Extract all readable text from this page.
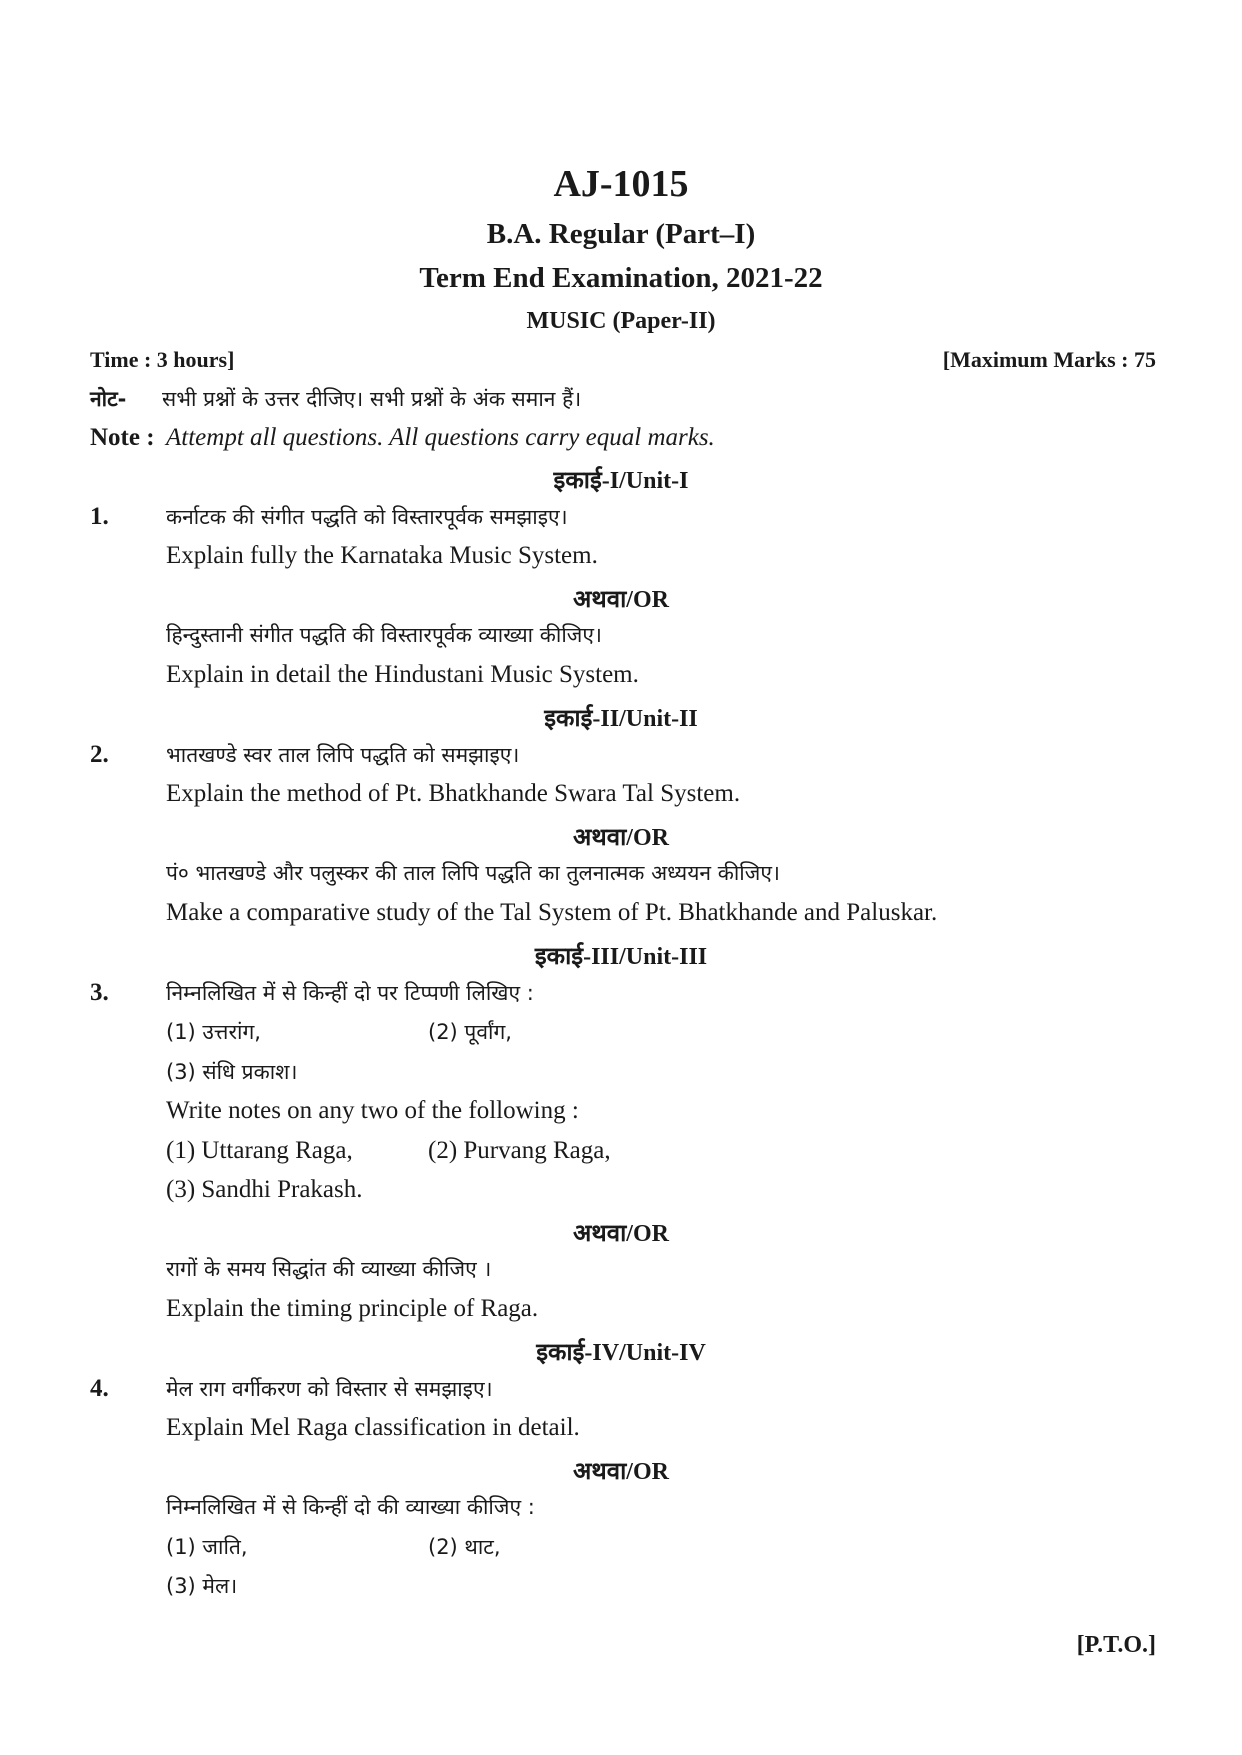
AJ-1015
B.A. Regular (Part–I)
Term End Examination, 2021-22
MUSIC (Paper-II)
Time : 3 hours]	[Maximum Marks : 75
नोट- सभी प्रश्नों के उत्तर दीजिए। सभी प्रश्नों के अंक समान हैं।
Note : Attempt all questions. All questions carry equal marks.
इकाई-I/Unit-I
1.	कर्नाटक की संगीत पद्धति को विस्तारपूर्वक समझाइए।
Explain fully the Karnataka Music System.
अथवा/OR
हिन्दुस्तानी संगीत पद्धति की विस्तारपूर्वक व्याख्या कीजिए।
Explain in detail the Hindustani Music System.
इकाई-II/Unit-II
2.	भातखण्डे स्वर ताल लिपि पद्धति को समझाइए।
Explain the method of Pt. Bhatkhande Swara Tal System.
अथवा/OR
पं० भातखण्डे और पलुस्कर की ताल लिपि पद्धति का तुलनात्मक अध्ययन कीजिए।
Make a comparative study of the Tal System of Pt. Bhatkhande and Paluskar.
इकाई-III/Unit-III
3.	निम्नलिखित में से किन्हीं दो पर टिप्पणी लिखिए :
(1) उत्तरांग,	(2) पूर्वांग,
(3) संधि प्रकाश।
Write notes on any two of the following :
(1) Uttarang Raga,	(2) Purvang Raga,
(3) Sandhi Prakash.
अथवा/OR
रागों के समय सिद्धांत की व्याख्या कीजिए ।
Explain the timing principle of Raga.
इकाई-IV/Unit-IV
4.	मेल राग वर्गीकरण को विस्तार से समझाइए।
Explain Mel Raga classification in detail.
अथवा/OR
निम्नलिखित में से किन्हीं दो की व्याख्या कीजिए :
(1) जाति,	(2) थाट,
(3) मेल।
[P.T.O.]
